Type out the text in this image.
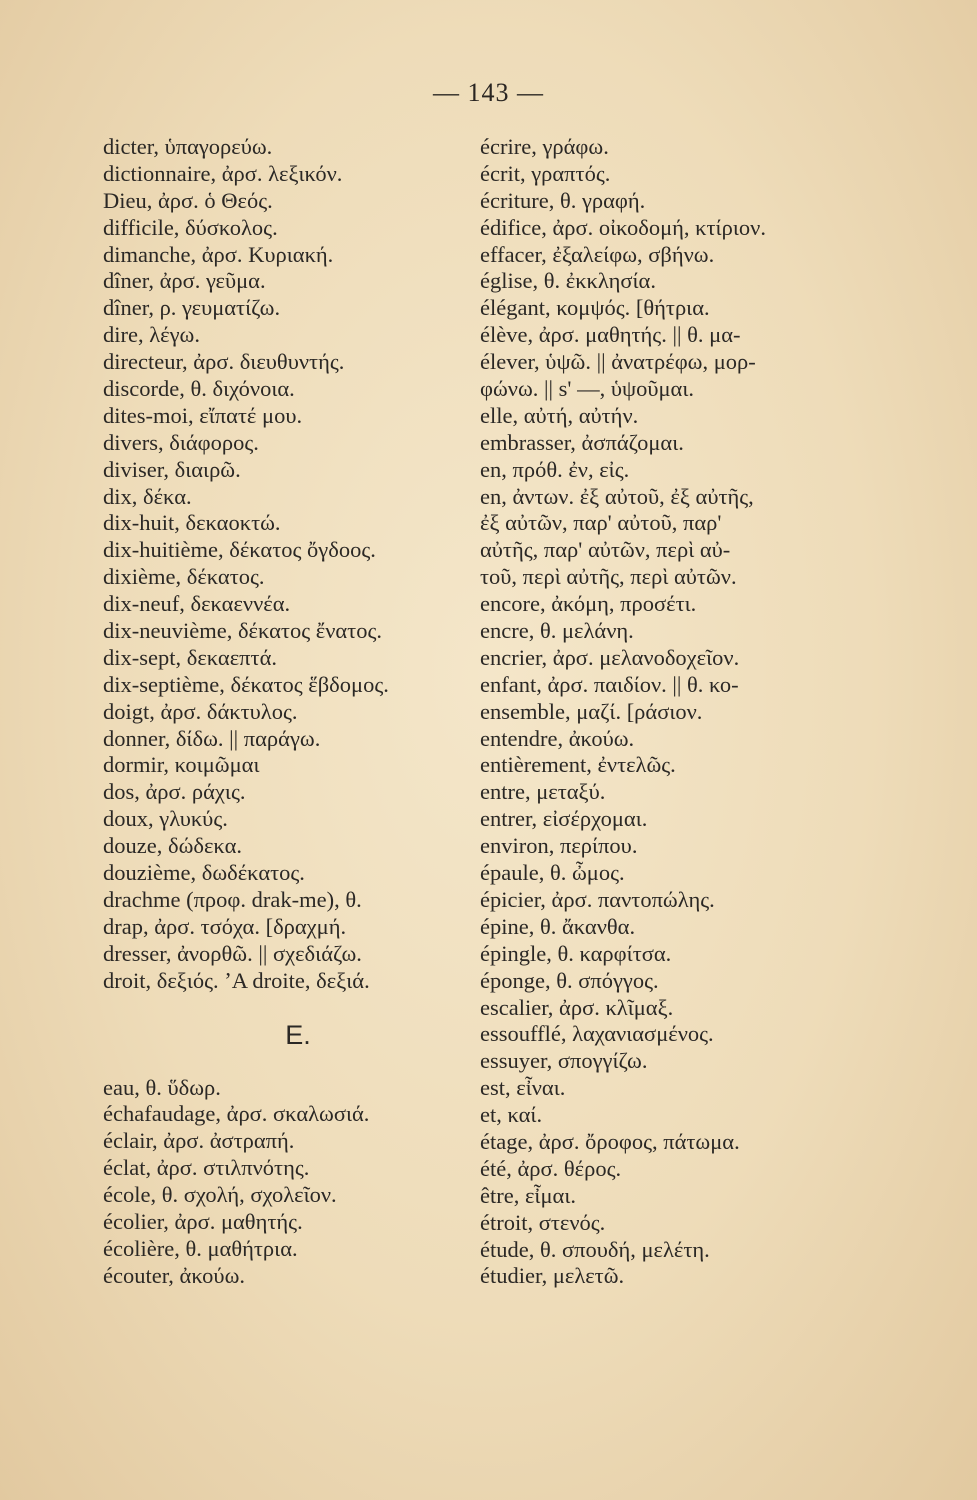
— 143 —
dicter, ὑπαγορεύω.
dictionnaire, ἀρσ. λεξικόν.
Dieu, ἀρσ. ὁ Θεός.
difficile, δύσκολος.
dimanche, ἀρσ. Κυριακή.
dîner, ἀρσ. γεῦμα.
dîner, ρ. γευματίζω.
dire, λέγω.
directeur, ἀρσ. διευθυντής.
discorde, θ. διχόνοια.
dites-moi, εἴπατέ μου.
divers, διάφορος.
diviser, διαιρῶ.
dix, δέκα.
dix-huit, δεκαοκτώ.
dix-huitième, δέκατος ὄγδοος.
dixième, δέκατος.
dix-neuf, δεκαεννέα.
dix-neuvième, δέκατος ἔνατος.
dix-sept, δεκαεπτά.
dix-septième, δέκατος ἕβδομος.
doigt, ἀρσ. δάκτυλος.
donner, δίδω. || παράγω.
dormir, κοιμῶμαι
dos, ἀρσ. ράχις.
doux, γλυκύς.
douze, δώδεκα.
douzième, δωδέκατος.
drachme (προφ. drak-me), θ.
drap, ἀρσ. τσόχα. [δραχμή.
dresser, ἀνορθῶ. || σχεδιάζω.
droit, δεξιός. ʼA droite, δεξιά.
E.
eau, θ. ὕδωρ.
échafaudage, ἀρσ. σκαλωσιά.
éclair, ἀρσ. ἀστραπή.
éclat, ἀρσ. στιλπνότης.
école, θ. σχολή, σχολεῖον.
écolier, ἀρσ. μαθητής.
écolière, θ. μαθήτρια.
écouter, ἀκούω.
écrire, γράφω.
écrit, γραπτός.
écriture, θ. γραφή.
édifice, ἀρσ. οἰκοδομή, κτίριον.
effacer, ἐξαλείφω, σβήνω.
église, θ. ἐκκλησία.
élégant, κομψός. [θήτρια.
élève, ἀρσ. μαθητής. || θ. μα-
élever, ὑψῶ. || ἀνατρέφω, μορ-
φώνω. || s' —, ὑψοῦμαι.
elle, αὐτή, αὐτήν.
embrasser, ἀσπάζομαι.
en, πρόθ. ἐν, εἰς.
en, ἀντων. ἐξ αὐτοῦ, ἐξ αὐτῆς,
ἐξ αὐτῶν, παρ' αὐτοῦ, παρ'
αὐτῆς, παρ' αὐτῶν, περὶ αὐ-
τοῦ, περὶ αὐτῆς, περὶ αὐτῶν.
encore, ἀκόμη, προσέτι.
encre, θ. μελάνη.
encrier, ἀρσ. μελανοδοχεῖον.
enfant, ἀρσ. παιδίον. || θ. κο-
ensemble, μαζί. [ράσιον.
entendre, ἀκούω.
entièrement, ἐντελῶς.
entre, μεταξύ.
entrer, εἰσέρχομαι.
environ, περίπου.
épaule, θ. ὦμος.
épicier, ἀρσ. παντοπώλης.
épine, θ. ἄκανθα.
épingle, θ. καρφίτσα.
éponge, θ. σπόγγος.
escalier, ἀρσ. κλῖμαξ.
essoufflé, λαχανιασμένος.
essuyer, σπογγίζω.
est, εἶναι.
et, καί.
étage, ἀρσ. ὄροφος, πάτωμα.
été, ἀρσ. θέρος.
être, εἶμαι.
étroit, στενός.
étude, θ. σπουδή, μελέτη.
étudier, μελετῶ.
